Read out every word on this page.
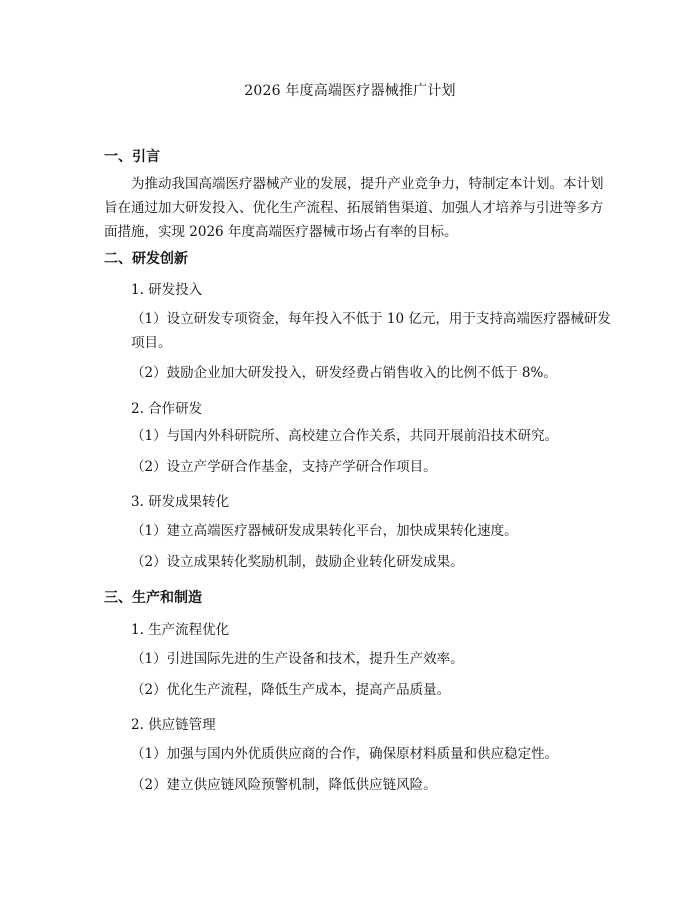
2026 年度高端医疗器械推广计划
一、引言
为推动我国高端医疗器械产业的发展，提升产业竞争力，特制定本计划。本计划旨在通过加大研发投入、优化生产流程、拓展销售渠道、加强人才培养与引进等多方面措施，实现 2026 年度高端医疗器械市场占有率的目标。
二、研发创新
1. 研发投入
（1）设立研发专项资金，每年投入不低于 10 亿元，用于支持高端医疗器械研发项目。
（2）鼓励企业加大研发投入，研发经费占销售收入的比例不低于 8%。
2. 合作研发
（1）与国内外科研院所、高校建立合作关系，共同开展前沿技术研究。
（2）设立产学研合作基金，支持产学研合作项目。
3. 研发成果转化
（1）建立高端医疗器械研发成果转化平台，加快成果转化速度。
（2）设立成果转化奖励机制，鼓励企业转化研发成果。
三、生产和制造
1. 生产流程优化
（1）引进国际先进的生产设备和技术，提升生产效率。
（2）优化生产流程，降低生产成本，提高产品质量。
2. 供应链管理
（1）加强与国内外优质供应商的合作，确保原材料质量和供应稳定性。
（2）建立供应链风险预警机制，降低供应链风险。
